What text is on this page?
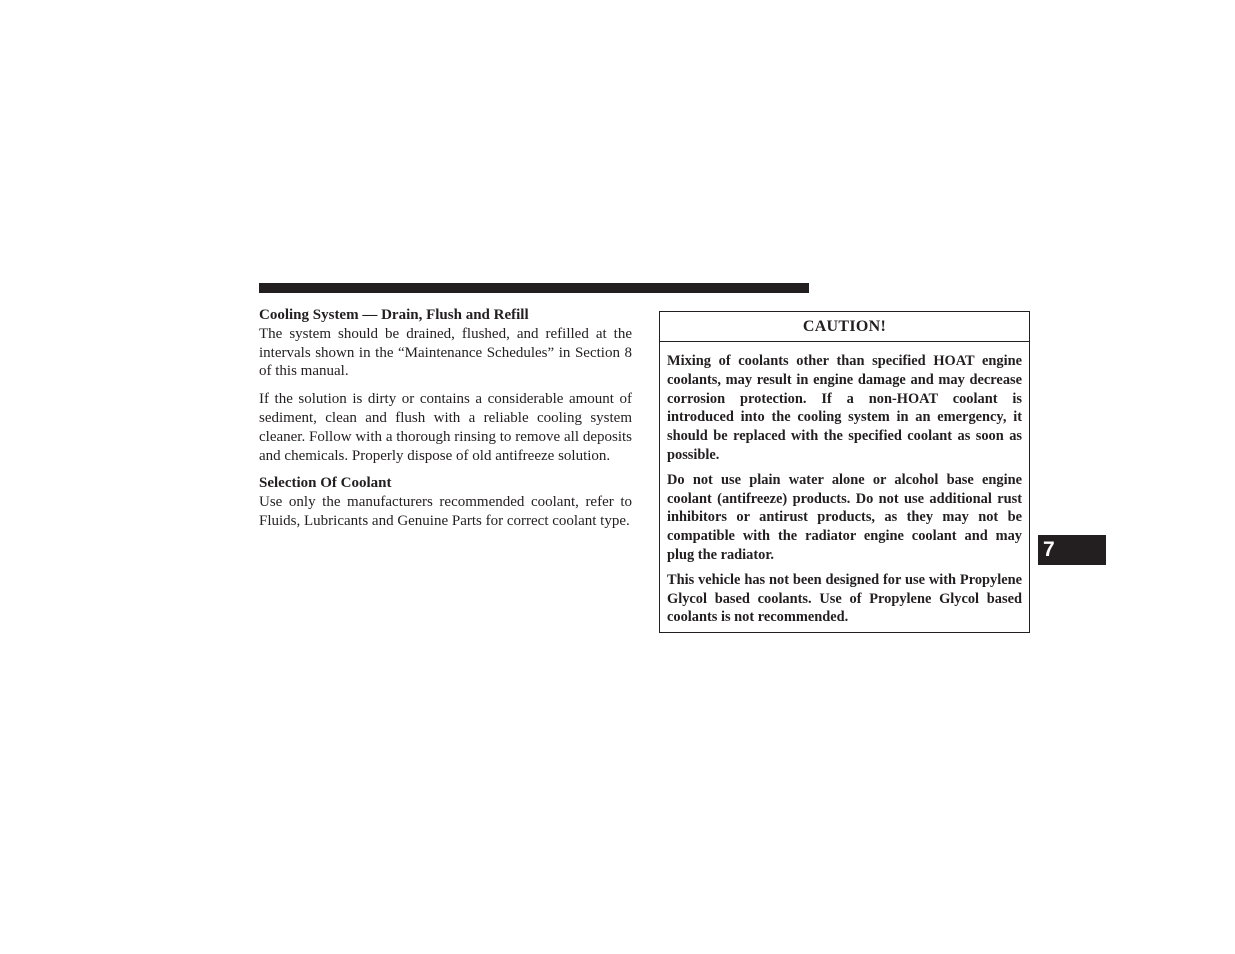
Cooling System — Drain, Flush and Refill

The system should be drained, flushed, and refilled at the intervals shown in the “Maintenance Schedules” in Section 8 of this manual.

If the solution is dirty or contains a considerable amount of sediment, clean and flush with a reliable cooling system cleaner. Follow with a thorough rinsing to remove all deposits and chemicals. Properly dispose of old antifreeze solution.

Selection Of Coolant

Use only the manufacturers recommended coolant, refer to Fluids, Lubricants and Genuine Parts for correct coolant type.

CAUTION!

Mixing of coolants other than specified HOAT engine coolants, may result in engine damage and may decrease corrosion protection. If a non-HOAT coolant is introduced into the cooling system in an emergency, it should be replaced with the specified coolant as soon as possible.

Do not use plain water alone or alcohol base engine coolant (antifreeze) products. Do not use additional rust inhibitors or antirust products, as they may not be compatible with the radiator engine coolant and may plug the radiator.

This vehicle has not been designed for use with Propylene Glycol based coolants. Use of Propylene Glycol based coolants is not recommended.

7
